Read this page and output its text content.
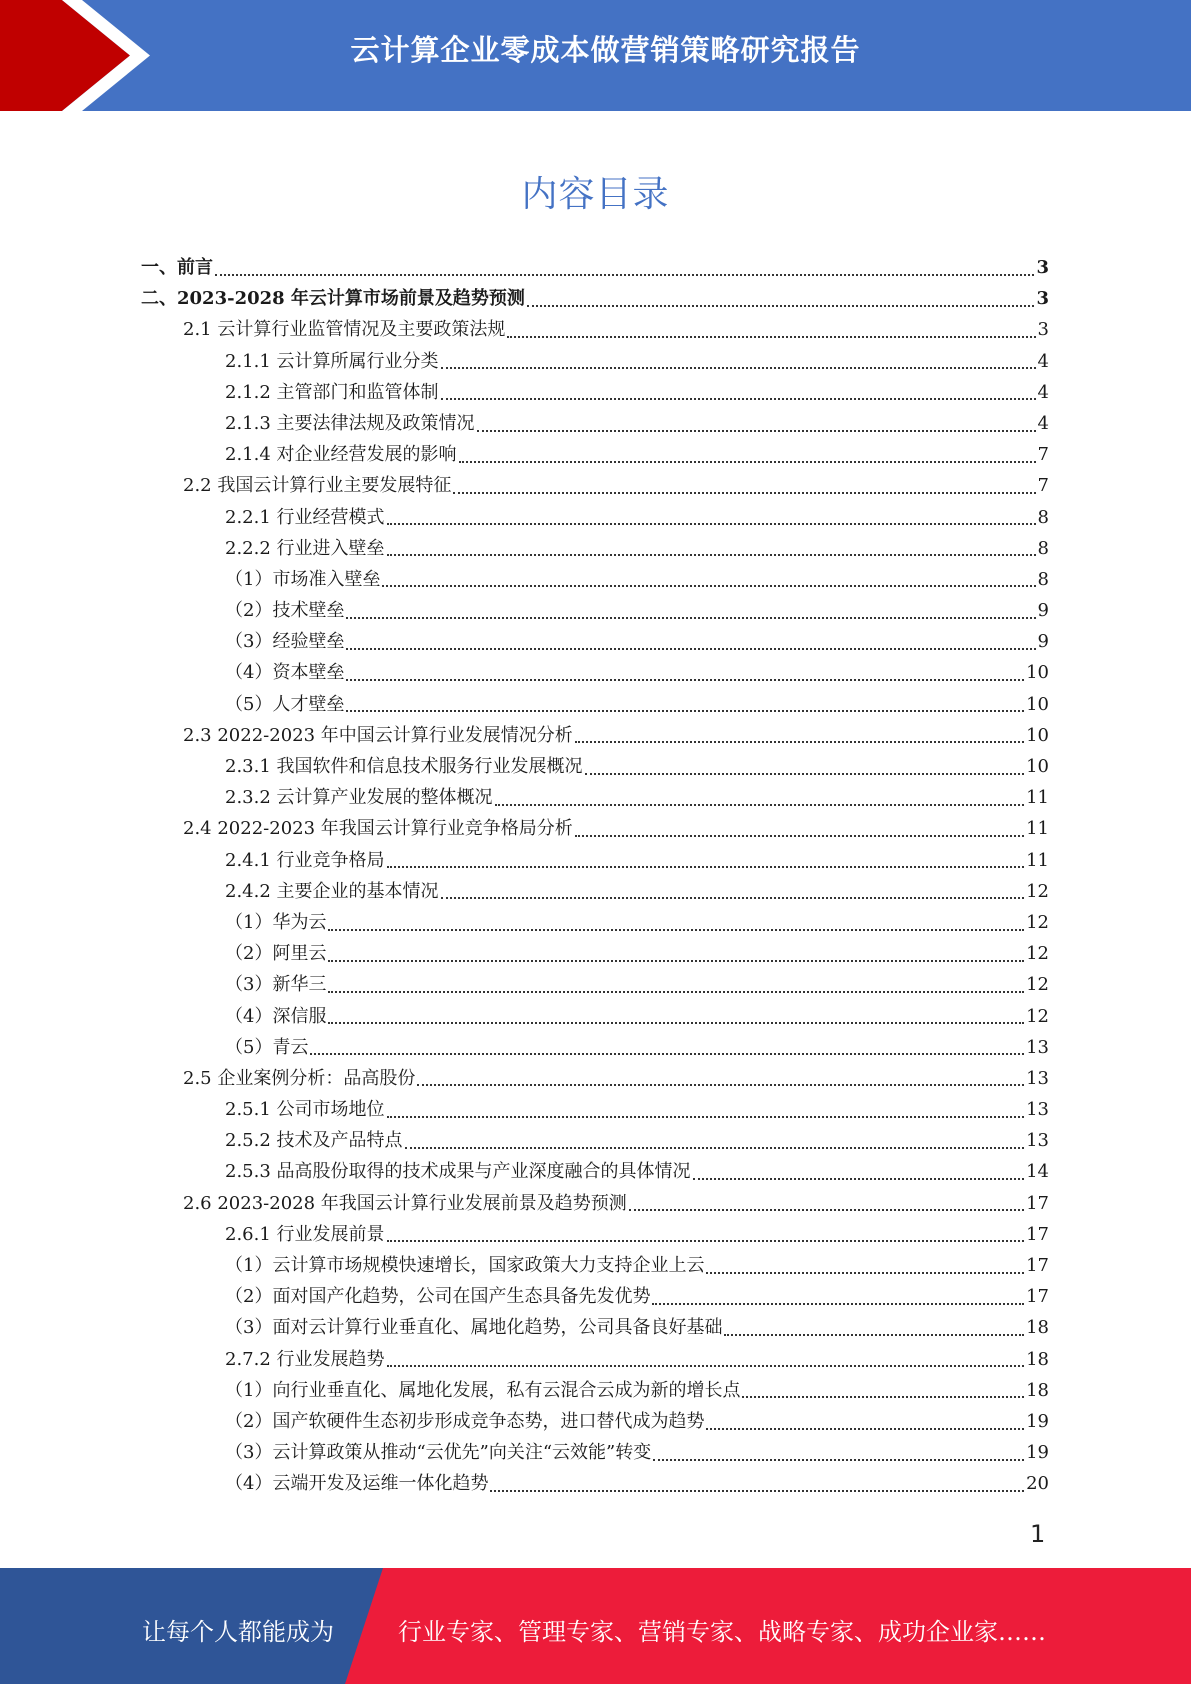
云计算企业零成本做营销策略研究报告
内容目录
一、前言	3
二、2023-2028 年云计算市场前景及趋势预测	3
2.1 云计算行业监管情况及主要政策法规	3
2.1.1 云计算所属行业分类	4
2.1.2 主管部门和监管体制	4
2.1.3 主要法律法规及政策情况	4
2.1.4 对企业经营发展的影响	7
2.2 我国云计算行业主要发展特征	7
2.2.1 行业经营模式	8
2.2.2 行业进入壁垒	8
（1）市场准入壁垒	8
（2）技术壁垒	9
（3）经验壁垒	9
（4）资本壁垒	10
（5）人才壁垒	10
2.3 2022-2023 年中国云计算行业发展情况分析	10
2.3.1 我国软件和信息技术服务行业发展概况	10
2.3.2 云计算产业发展的整体概况	11
2.4 2022-2023 年我国云计算行业竞争格局分析	11
2.4.1 行业竞争格局	11
2.4.2 主要企业的基本情况	12
（1）华为云	12
（2）阿里云	12
（3）新华三	12
（4）深信服	12
（5）青云	13
2.5 企业案例分析：品高股份	13
2.5.1 公司市场地位	13
2.5.2 技术及产品特点	13
2.5.3 品高股份取得的技术成果与产业深度融合的具体情况	14
2.6 2023-2028 年我国云计算行业发展前景及趋势预测	17
2.6.1 行业发展前景	17
（1）云计算市场规模快速增长，国家政策大力支持企业上云	17
（2）面对国产化趋势，公司在国产生态具备先发优势	17
（3）面对云计算行业垂直化、属地化趋势，公司具备良好基础	18
2.7.2 行业发展趋势	18
（1）向行业垂直化、属地化发展，私有云混合云成为新的增长点	18
（2）国产软硬件生态初步形成竞争态势，进口替代成为趋势	19
（3）云计算政策从推动“云优先”向关注“云效能”转变	19
（4）云端开发及运维一体化趋势	20
1
让每个人都能成为	行业专家、管理专家、营销专家、战略专家、成功企业家……
